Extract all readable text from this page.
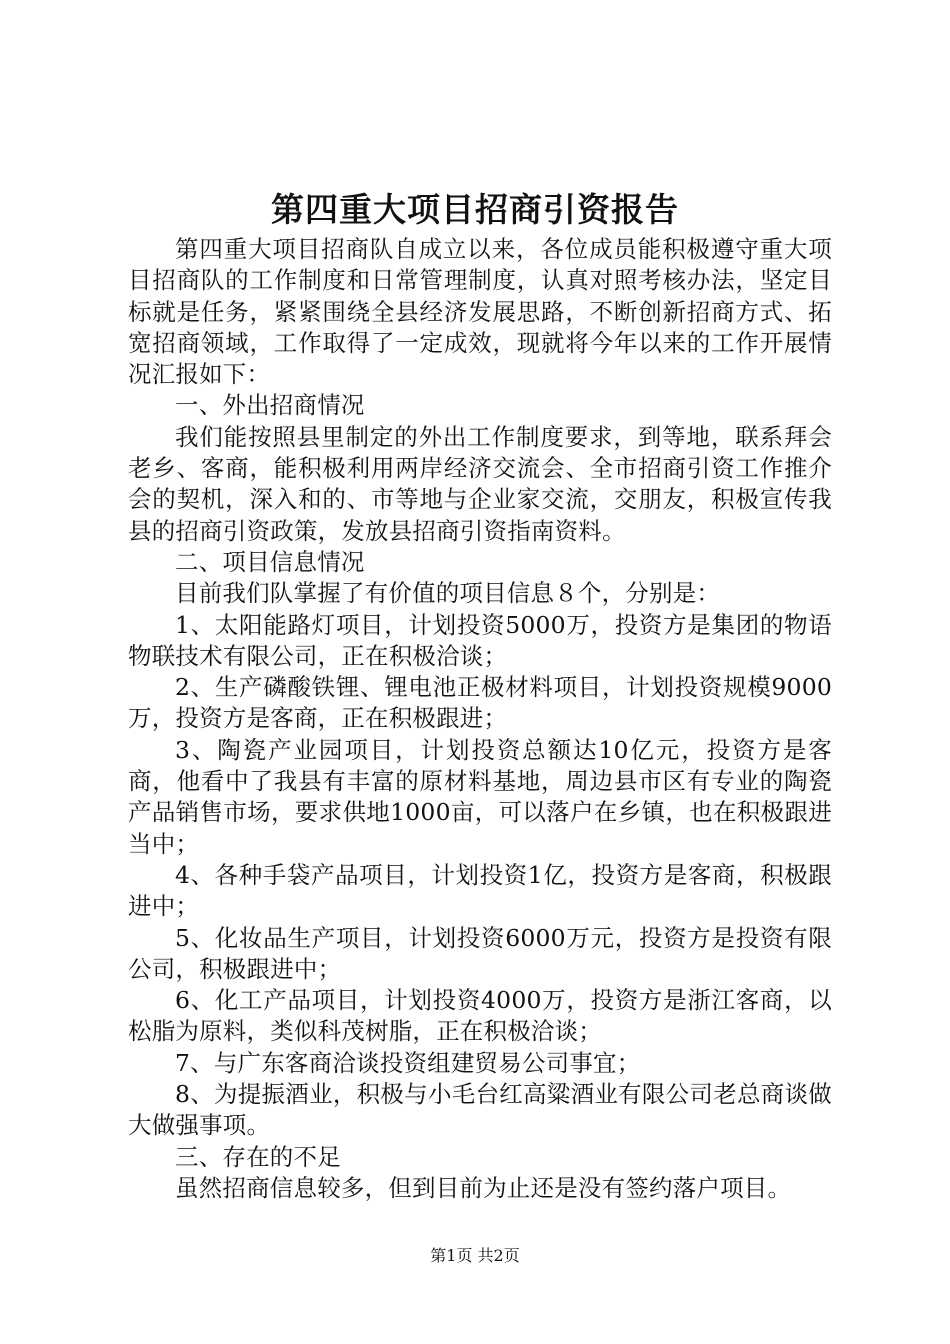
第四重大项目招商引资报告

第四重大项目招商队自成立以来，各位成员能积极遵守重大项目招商队的工作制度和日常管理制度，认真对照考核办法，坚定目标就是任务，紧紧围绕全县经济发展思路，不断创新招商方式、拓宽招商领域，工作取得了一定成效，现就将今年以来的工作开展情况汇报如下：

一、外出招商情况

我们能按照县里制定的外出工作制度要求，到等地，联系拜会老乡、客商，能积极利用两岸经济交流会、全市招商引资工作推介会的契机，深入和的、市等地与企业家交流，交朋友，积极宣传我县的招商引资政策，发放县招商引资指南资料。

二、项目信息情况

目前我们队掌握了有价值的项目信息８个，分别是：

1、太阳能路灯项目，计划投资5000万，投资方是集团的物语物联技术有限公司，正在积极洽谈；

2、生产磷酸铁锂、锂电池正极材料项目，计划投资规模9000万，投资方是客商，正在积极跟进；

3、陶瓷产业园项目，计划投资总额达10亿元，投资方是客商，他看中了我县有丰富的原材料基地，周边县市区有专业的陶瓷产品销售市场，要求供地1000亩，可以落户在乡镇，也在积极跟进当中；

4、各种手袋产品项目，计划投资1亿，投资方是客商，积极跟进中；

5、化妆品生产项目，计划投资6000万元，投资方是投资有限公司，积极跟进中；

6、化工产品项目，计划投资4000万，投资方是浙江客商，以松脂为原料，类似科茂树脂，正在积极洽谈；

7、与广东客商洽谈投资组建贸易公司事宜；

8、为提振酒业，积极与小毛台红高粱酒业有限公司老总商谈做大做强事项。

三、存在的不足

虽然招商信息较多，但到目前为止还是没有签约落户项目。

第1页 共2页
